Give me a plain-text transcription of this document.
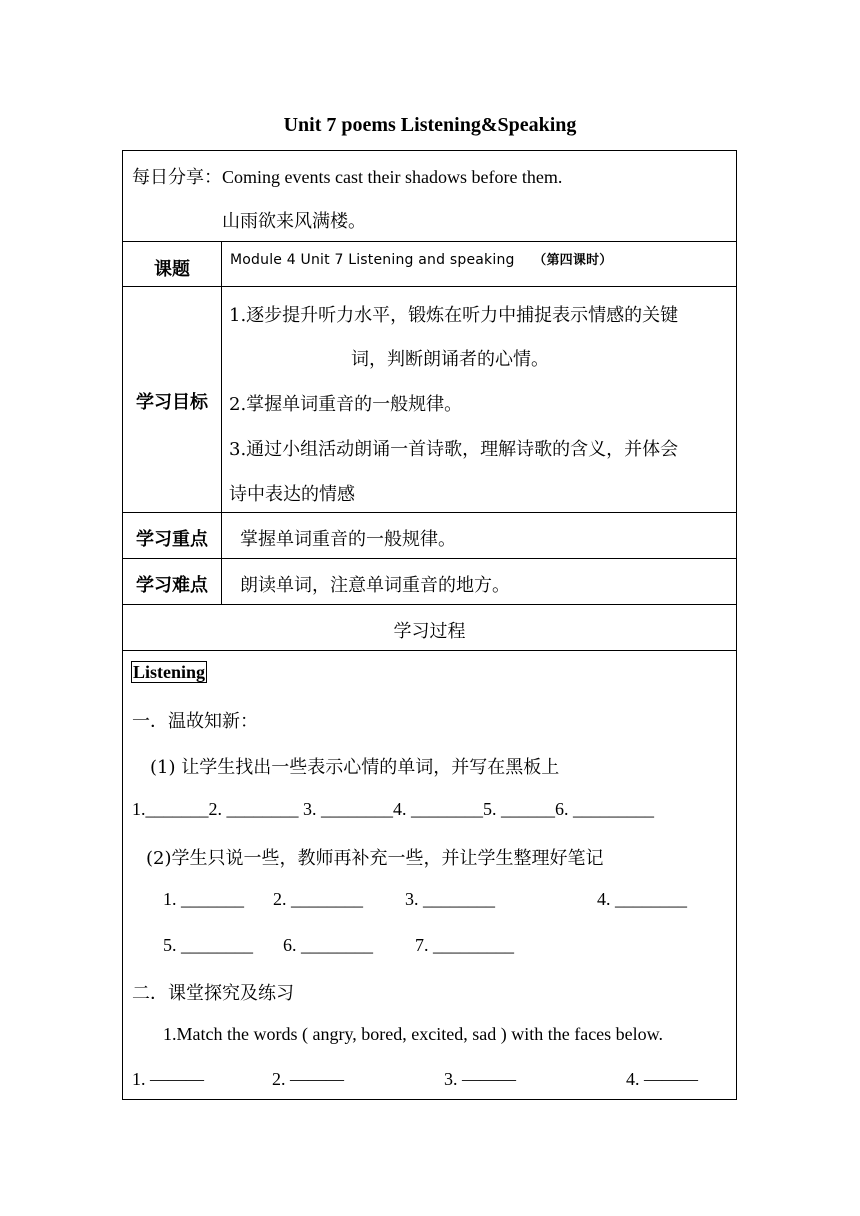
Unit 7 poems Listening&Speaking
每日分享：Coming events cast their shadows before them.
山雨欲来风满楼。
课题	Module 4 Unit 7 Listening and speaking （第四课时）
学习目标
1.逐步提升听力水平，锻炼在听力中捕捉表示情感的关键
词，判断朗诵者的心情。
2.掌握单词重音的一般规律。
3.通过小组活动朗诵一首诗歌，理解诗歌的含义，并体会
诗中表达的情感
学习重点	掌握单词重音的一般规律。
学习难点	朗读单词，注意单词重音的地方。
学习过程
Listening
一．温故知新：
(1) 让学生找出一些表示心情的单词，并写在黑板上
1._______2. ________ 3. ________4. ________5. ______6. _________
(2)学生只说一些，教师再补充一些，并让学生整理好笔记
1. _______ 2. ________ 3. ________	4. ________
5. ________ 6. ________ 7. _________
二．课堂探究及练习
1.Match the words ( angry, bored, excited, sad ) with the faces below.
1. ———	2. ———	3. ———	4. ———
